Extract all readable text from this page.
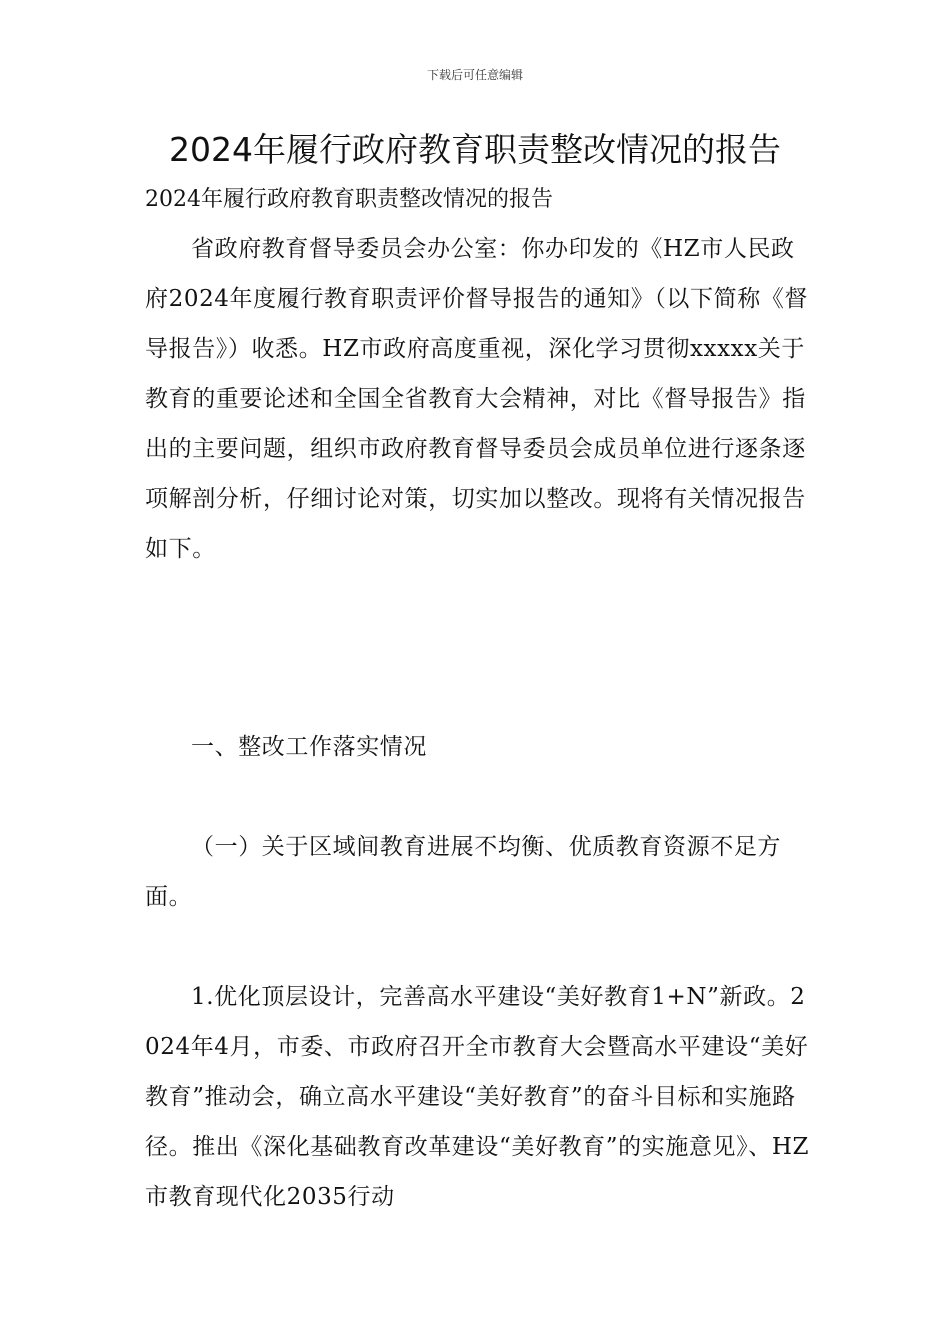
下载后可任意编辑
2024年履行政府教育职责整改情况的报告

2024年履行政府教育职责整改情况的报告

省政府教育督导委员会办公室：你办印发的《HZ市人民政府2024年度履行教育职责评价督导报告的通知》（以下简称《督导报告》）收悉。HZ市政府高度重视，深化学习贯彻xxxxx关于教育的重要论述和全国全省教育大会精神，对比《督导报告》指出的主要问题，组织市政府教育督导委员会成员单位进行逐条逐项解剖分析，仔细讨论对策，切实加以整改。现将有关情况报告如下。

一、整改工作落实情况

（一）关于区域间教育进展不均衡、优质教育资源不足方面。

1.优化顶层设计，完善高水平建设“美好教育1+N”新政。2024年4月，市委、市政府召开全市教育大会暨高水平建设“美好教育”推动会，确立高水平建设“美好教育”的奋斗目标和实施路径。推出《深化基础教育改革建设“美好教育”的实施意见》、HZ市教育现代化2035行动
